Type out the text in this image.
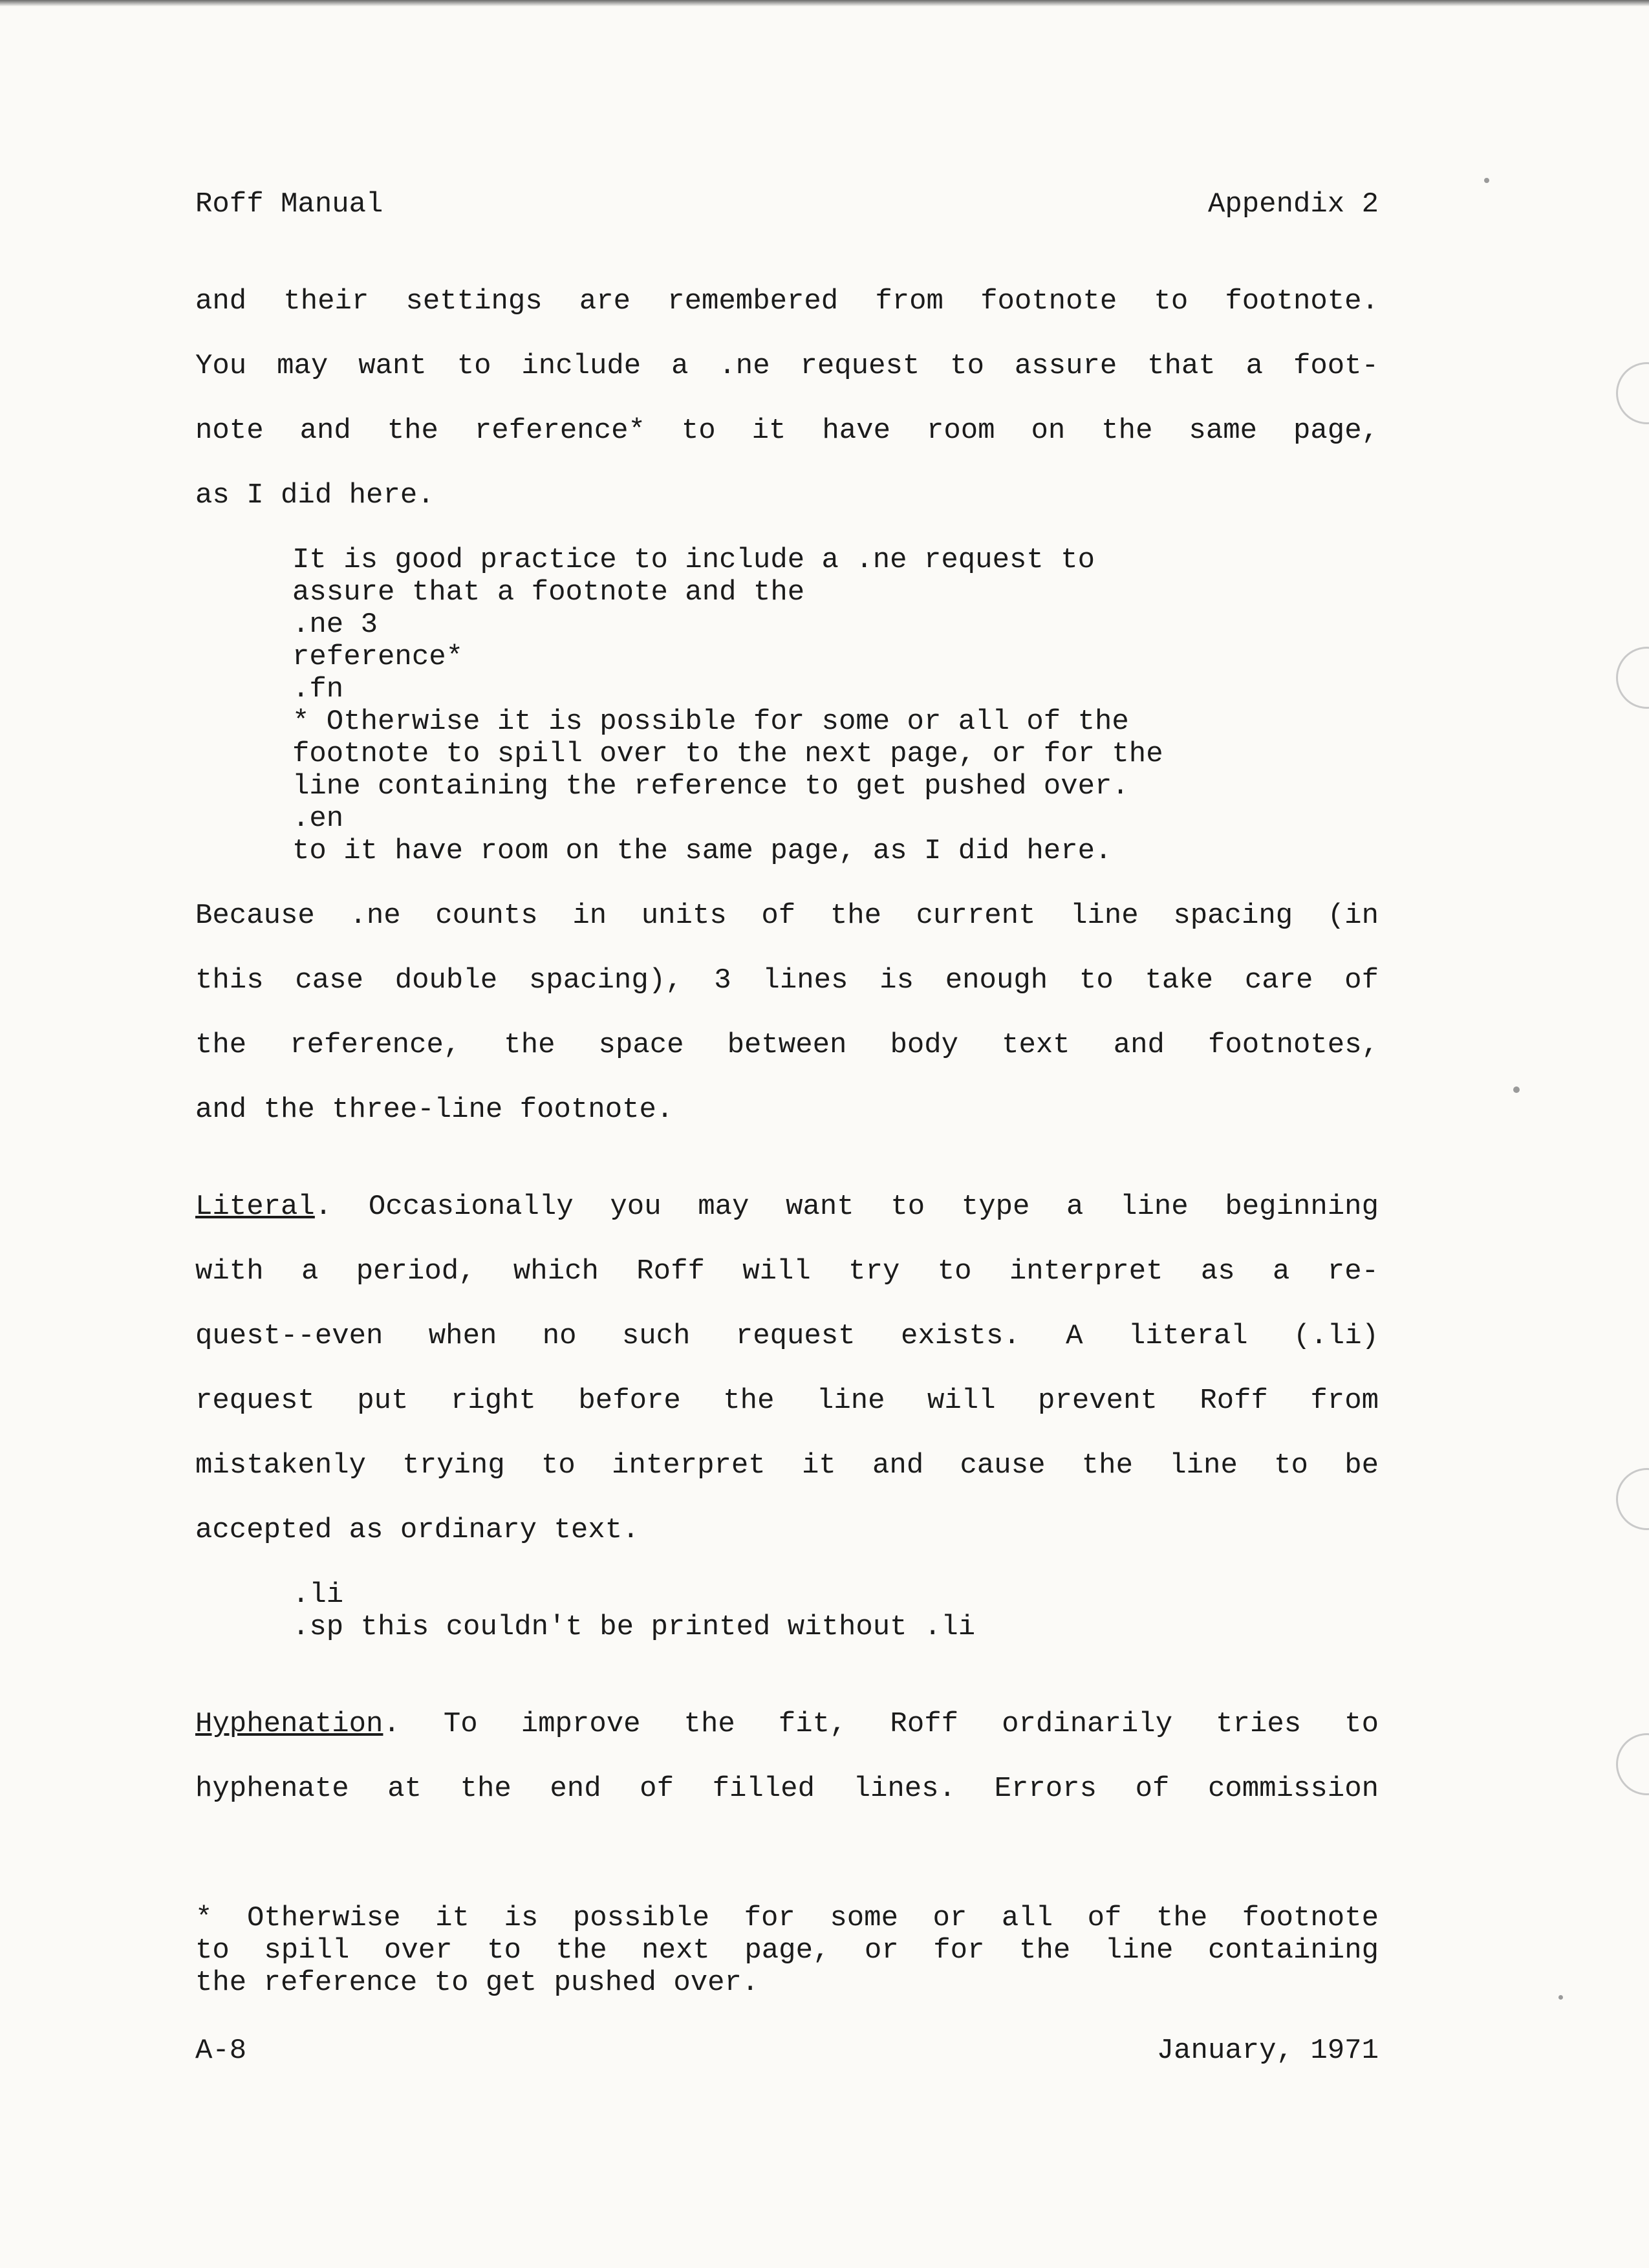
Roff Manual	Appendix 2

and their settings are remembered from footnote to footnote.

You may want to include a .ne request to assure that a foot-

note and the reference* to it have room on the same page,

as I did here.

It is good practice to include a .ne request to

assure that a footnote and the

.ne 3

reference*

.fn

* Otherwise it is possible for some or all of the

footnote to spill over to the next page, or for the

line containing the reference to get pushed over.

.en

to it have room on the same page, as I did here.

Because .ne counts in units of the current line spacing (in

this case double spacing), 3 lines is enough to take care of

the reference, the space between body text and footnotes,

and the three-line footnote.

Literal. Occasionally you may want to type a line beginning

with a period, which Roff will try to interpret as a re-

quest--even when no such request exists. A literal (.li)

request put right before the line will prevent Roff from

mistakenly trying to interpret it and cause the line to be

accepted as ordinary text.

.li

.sp this couldn't be printed without .li

Hyphenation. To improve the fit, Roff ordinarily tries to

hyphenate at the end of filled lines. Errors of commission

* Otherwise it is possible for some or all of the footnote

to spill over to the next page, or for the line containing

the reference to get pushed over.

A-8	January, 1971
